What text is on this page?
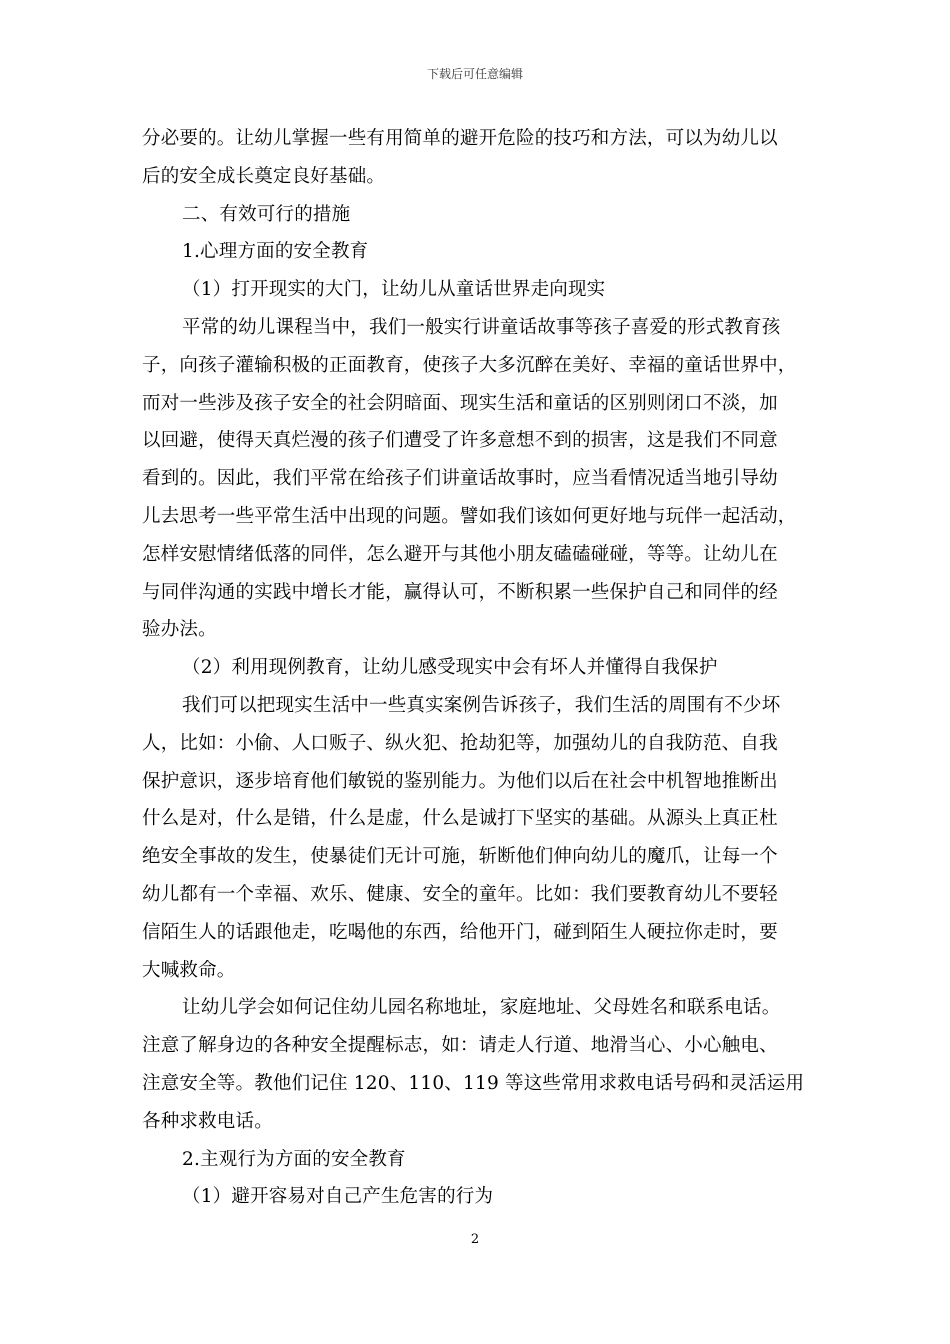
下载后可任意编辑
分必要的。让幼儿掌握一些有用简单的避开危险的技巧和方法，可以为幼儿以
后的安全成长奠定良好基础。
二、有效可行的措施
1.心理方面的安全教育
（1）打开现实的大门，让幼儿从童话世界走向现实
平常的幼儿课程当中，我们一般实行讲童话故事等孩子喜爱的形式教育孩
子，向孩子灌输积极的正面教育，使孩子大多沉醉在美好、幸福的童话世界中，
而对一些涉及孩子安全的社会阴暗面、现实生活和童话的区别则闭口不淡，加
以回避，使得天真烂漫的孩子们遭受了许多意想不到的损害，这是我们不同意
看到的。因此，我们平常在给孩子们讲童话故事时，应当看情况适当地引导幼
儿去思考一些平常生活中出现的问题。譬如我们该如何更好地与玩伴一起活动，
怎样安慰情绪低落的同伴，怎么避开与其他小朋友磕磕碰碰，等等。让幼儿在
与同伴沟通的实践中增长才能，赢得认可，不断积累一些保护自己和同伴的经
验办法。
（2）利用现例教育，让幼儿感受现实中会有坏人并懂得自我保护
我们可以把现实生活中一些真实案例告诉孩子，我们生活的周围有不少坏
人，比如：小偷、人口贩子、纵火犯、抢劫犯等，加强幼儿的自我防范、自我
保护意识，逐步培育他们敏锐的鉴别能力。为他们以后在社会中机智地推断出
什么是对，什么是错，什么是虚，什么是诚打下坚实的基础。从源头上真正杜
绝安全事故的发生，使暴徒们无计可施，斩断他们伸向幼儿的魔爪，让每一个
幼儿都有一个幸福、欢乐、健康、安全的童年。比如：我们要教育幼儿不要轻
信陌生人的话跟他走，吃喝他的东西，给他开门，碰到陌生人硬拉你走时，要
大喊救命。
让幼儿学会如何记住幼儿园名称地址，家庭地址、父母姓名和联系电话。
注意了解身边的各种安全提醒标志，如：请走人行道、地滑当心、小心触电、
注意安全等。教他们记住 120、110、119 等这些常用求救电话号码和灵活运用
各种求救电话。
2.主观行为方面的安全教育
（1）避开容易对自己产生危害的行为
2
